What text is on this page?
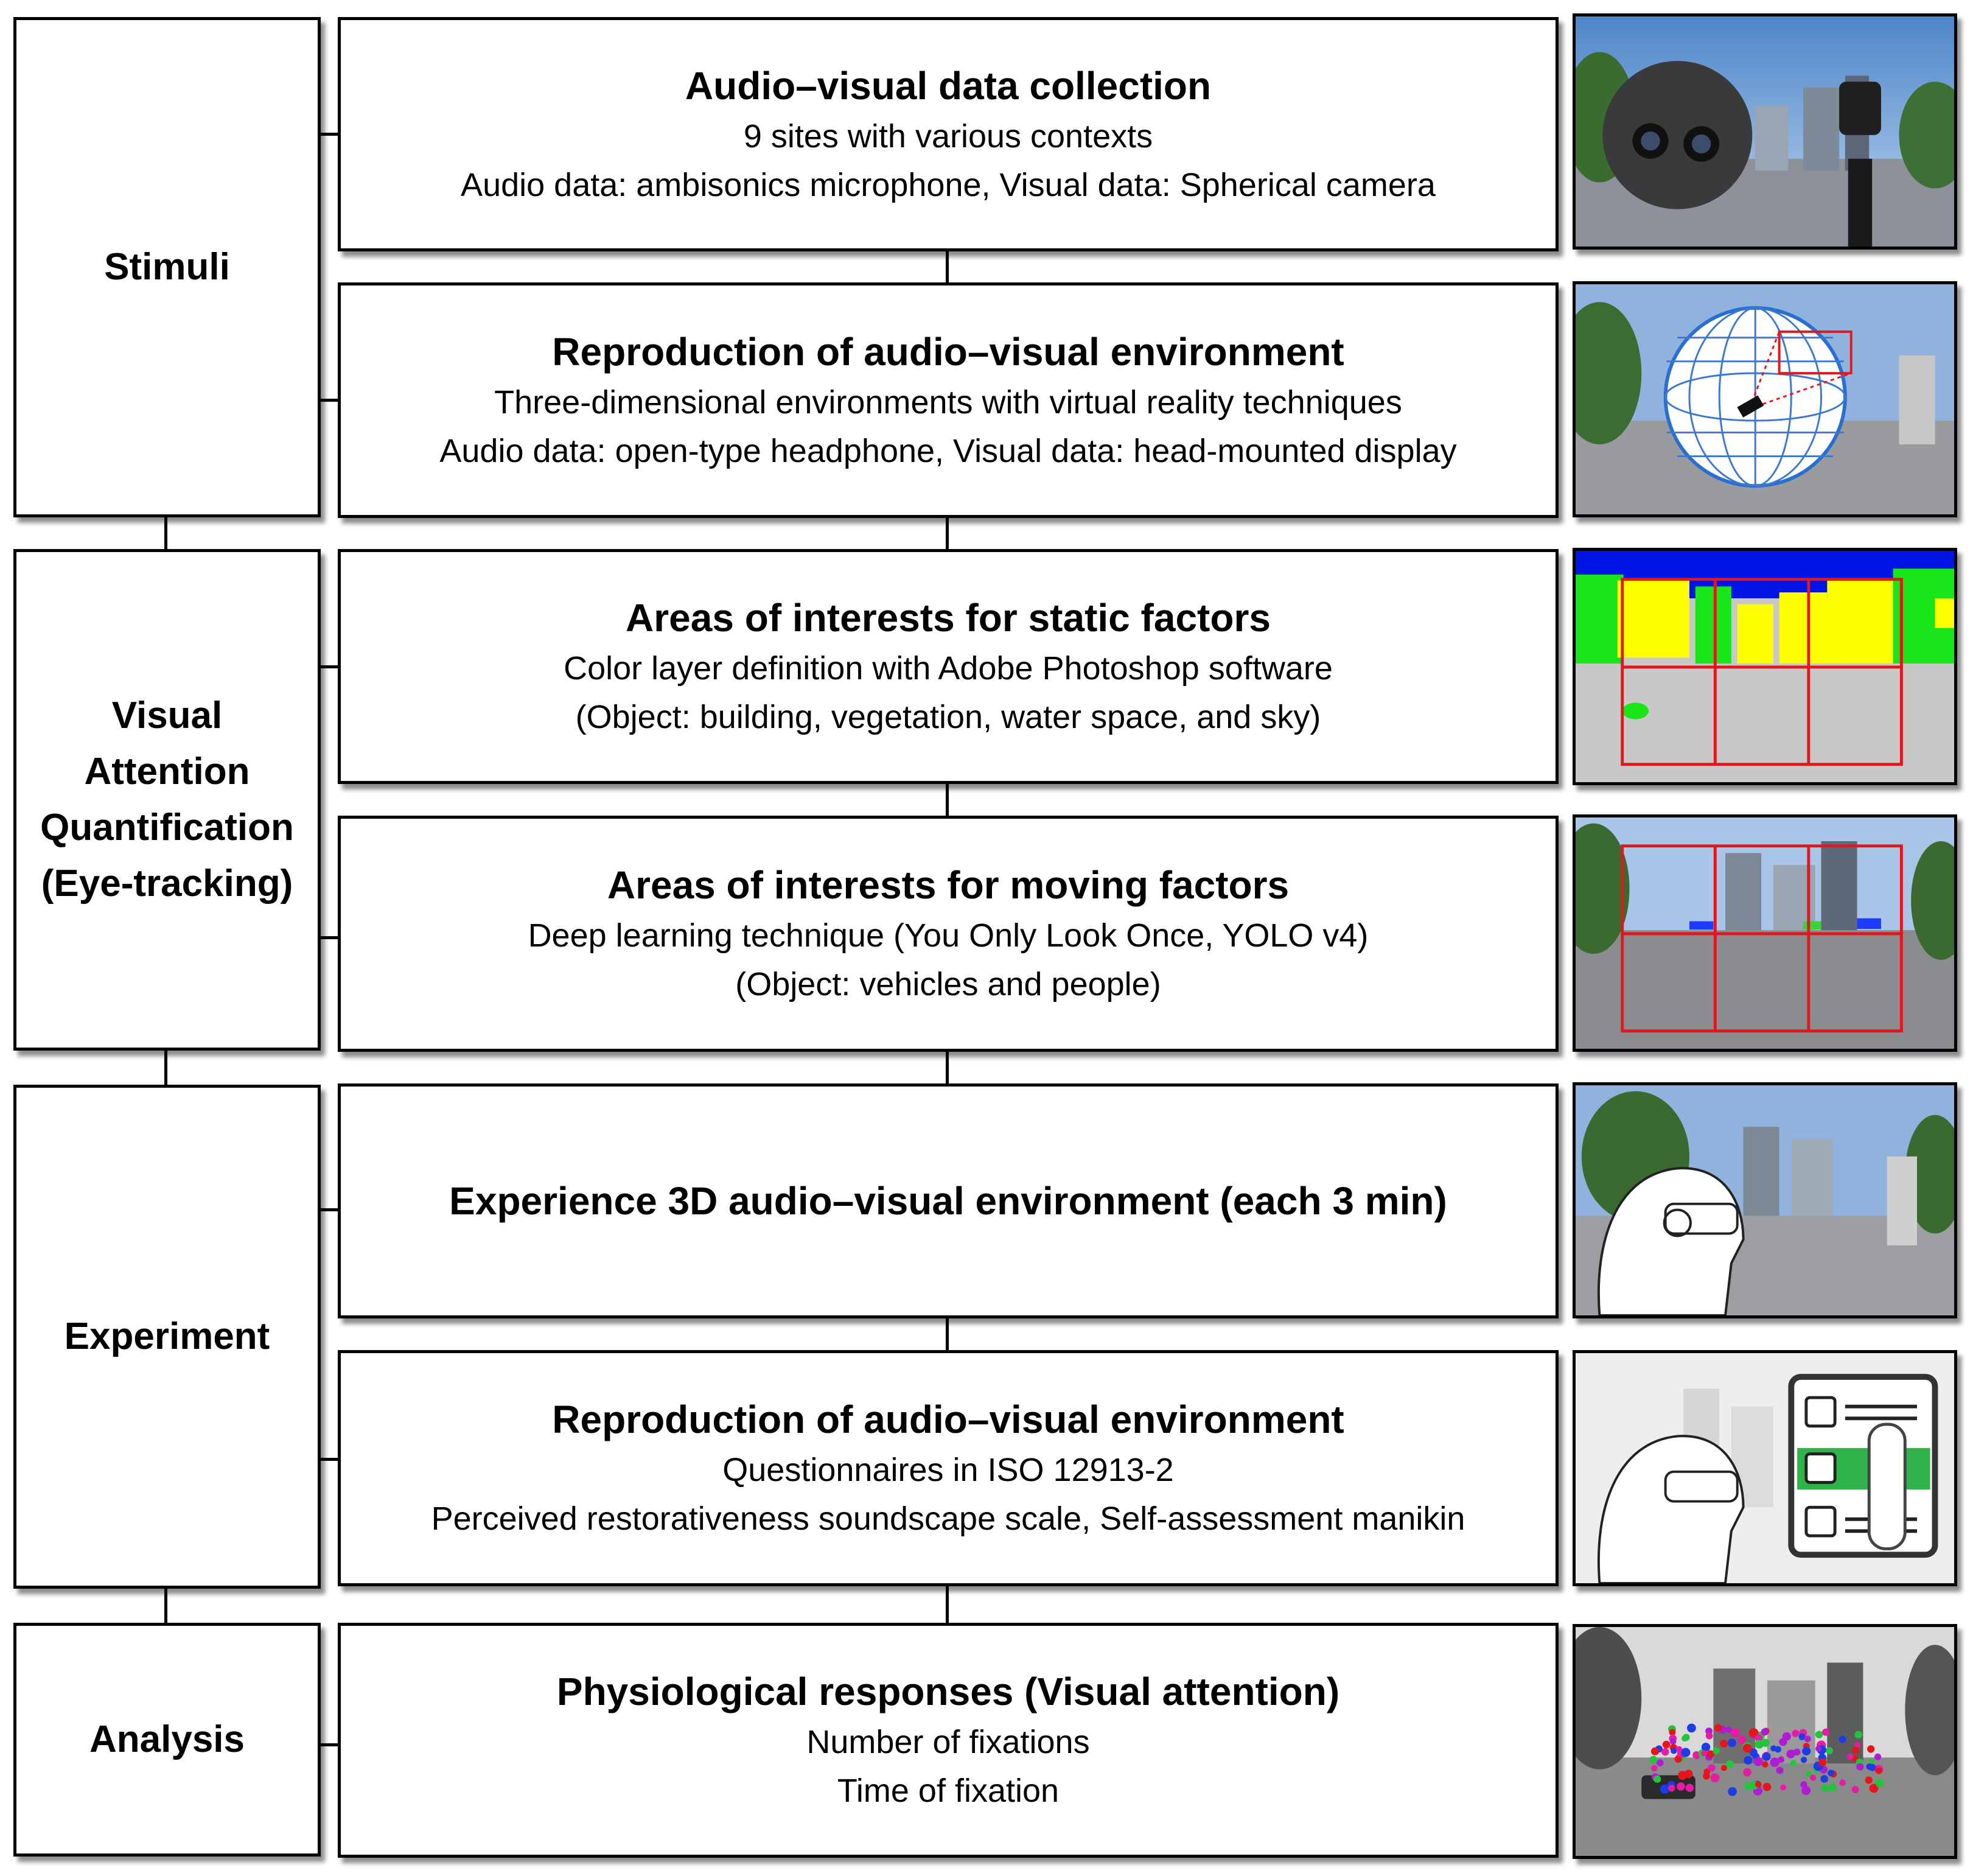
Stimuli
Visual
Attention
Quantification
(Eye-tracking)
Experiment
Analysis
Audio–visual data collection
9 sites with various contexts
Audio data: ambisonics microphone, Visual data: Spherical camera
Reproduction of audio–visual environment
Three-dimensional environments with virtual reality techniques
Audio data: open-type headphone, Visual data: head-mounted display
Areas of interests for static factors
Color layer definition with Adobe Photoshop software
(Object: building, vegetation, water space, and sky)
Areas of interests for moving factors
Deep learning technique (You Only Look Once, YOLO v4)
(Object: vehicles and people)
Experience 3D audio–visual environment (each 3 min)
Reproduction of audio–visual environment
Questionnaires in ISO 12913-2
Perceived restorativeness soundscape scale, Self-assessment manikin
Physiological responses (Visual attention)
Number of fixations
Time of fixation
